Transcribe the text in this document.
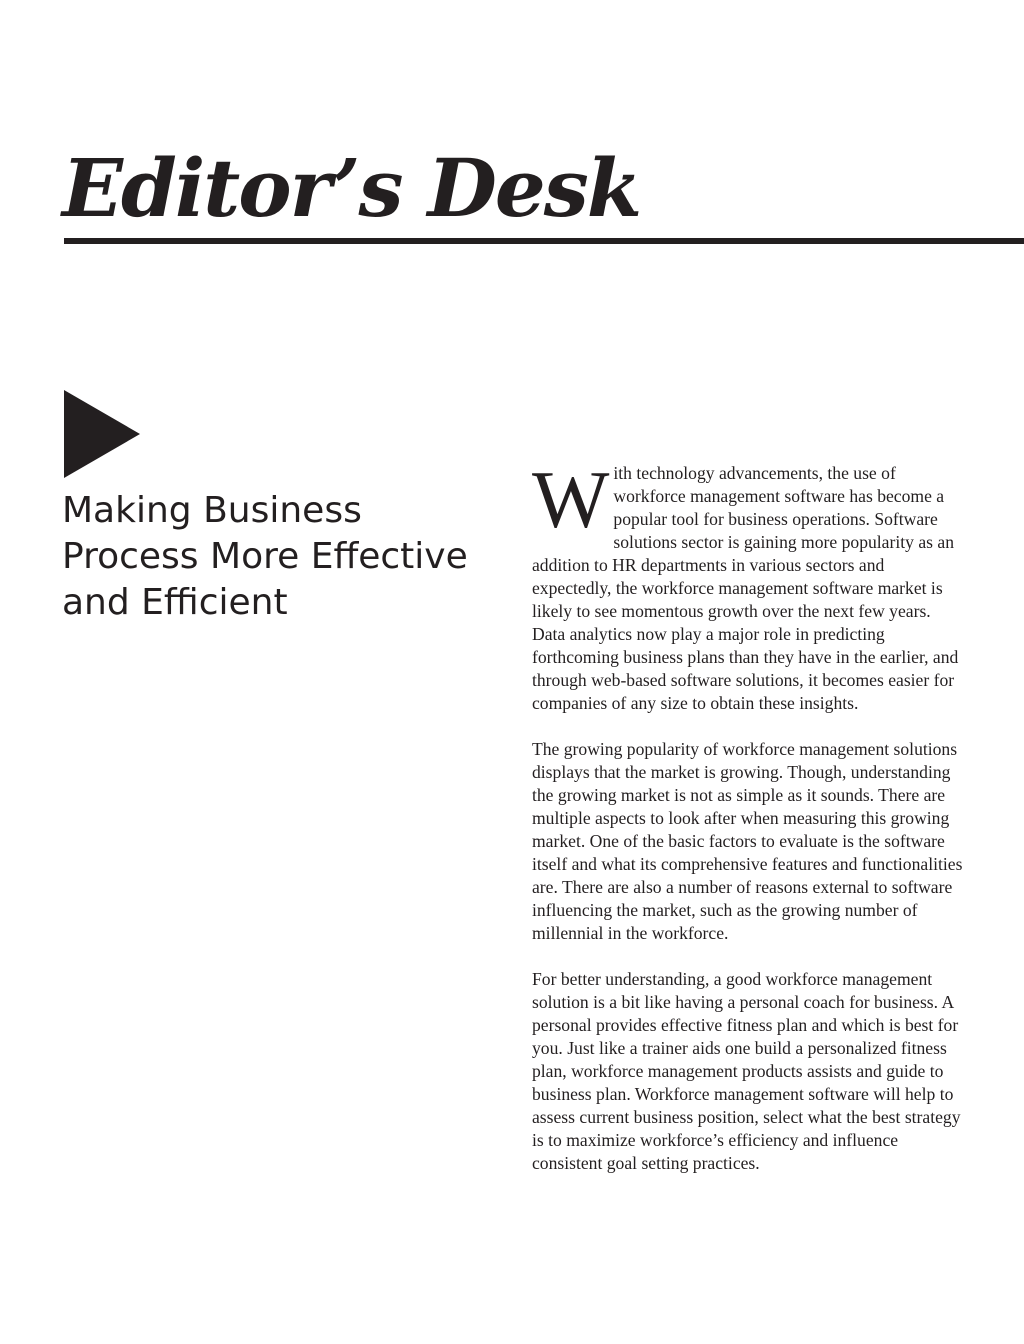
Editor’s Desk
Making Business Process More Effective and Efficient

With technology advancements, the use of workforce management software has become a popular tool for business operations. Software solutions sector is gaining more popularity as an addition to HR departments in various sectors and expectedly, the workforce management software market is likely to see momentous growth over the next few years. Data analytics now play a major role in predicting forthcoming business plans than they have in the earlier, and through web-based software solutions, it becomes easier for companies of any size to obtain these insights.

The growing popularity of workforce management solutions displays that the market is growing. Though, understanding the growing market is not as simple as it sounds. There are multiple aspects to look after when measuring this growing market. One of the basic factors to evaluate is the software itself and what its comprehensive features and functionalities are. There are also a number of reasons external to software influencing the market, such as the growing number of millennial in the workforce.

For better understanding, a good workforce management solution is a bit like having a personal coach for business. A personal provides effective fitness plan and which is best for you. Just like a trainer aids one build a personalized fitness plan, workforce management products assists and guide to business plan. Workforce management software will help to assess current business position, select what the best strategy is to maximize workforce’s efficiency and influence consistent goal setting practices.
